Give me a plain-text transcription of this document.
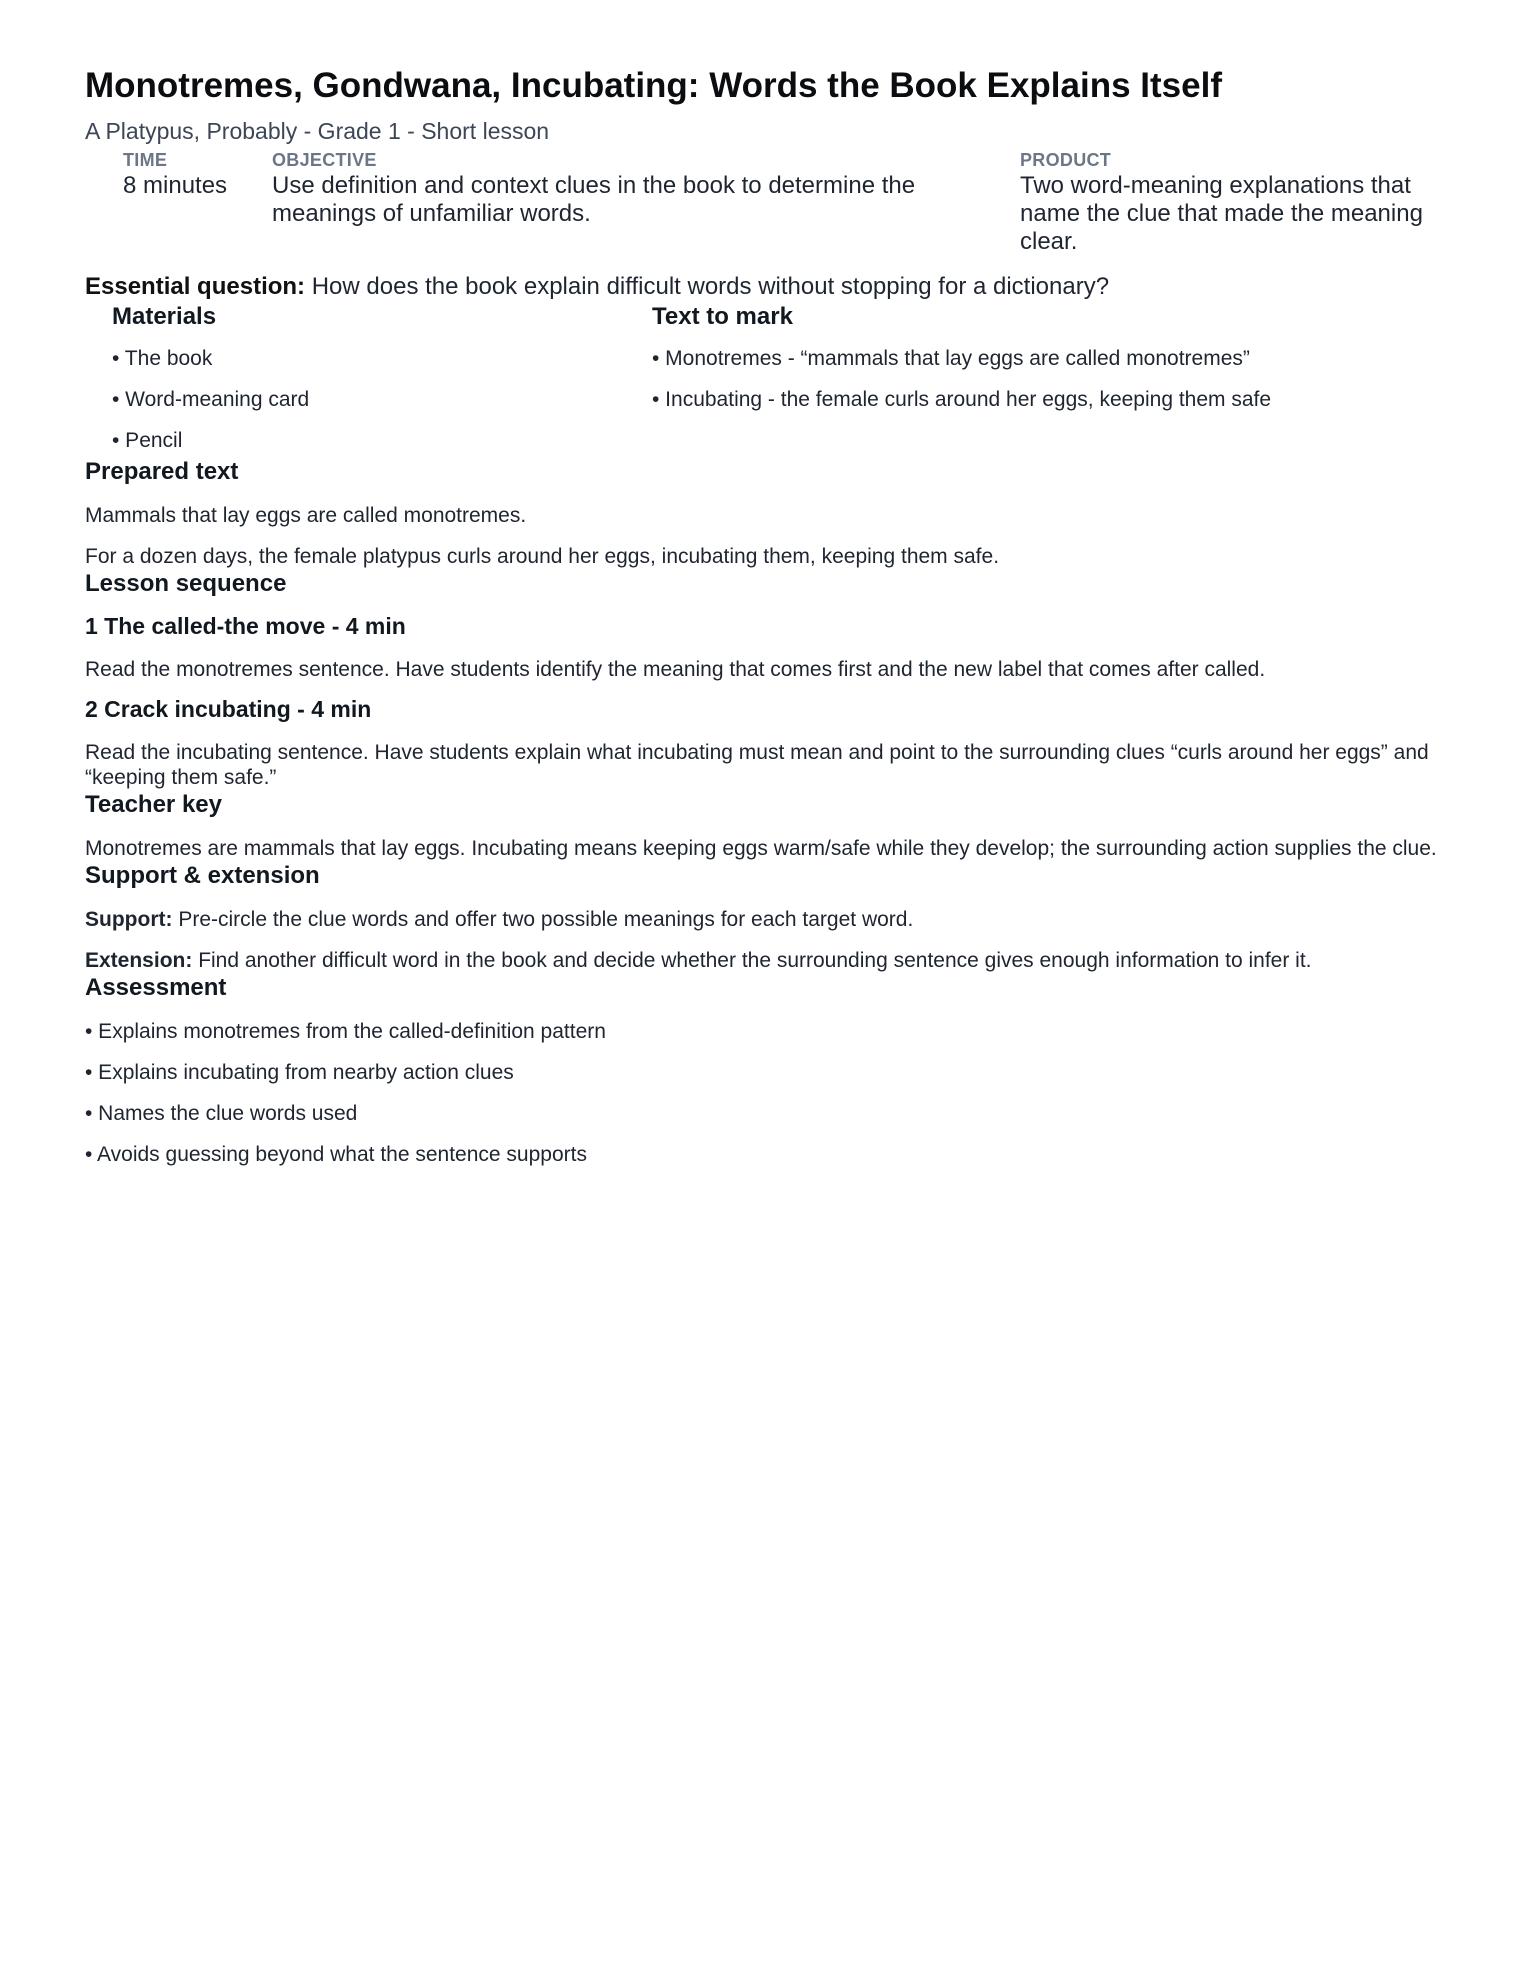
Monotremes, Gondwana, Incubating: Words the Book Explains Itself
A Platypus, Probably - Grade 1 - Short lesson
TIME
8 minutes
OBJECTIVE
Use definition and context clues in the book to determine the meanings of unfamiliar words.
PRODUCT
Two word-meaning explanations that name the clue that made the meaning clear.
Essential question: How does the book explain difficult words without stopping for a dictionary?
Materials
• The book
• Word-meaning card
• Pencil
Text to mark
• Monotremes - “mammals that lay eggs are called monotremes”
• Incubating - the female curls around her eggs, keeping them safe
Prepared text

Mammals that lay eggs are called monotremes.

For a dozen days, the female platypus curls around her eggs, incubating them, keeping them safe.

Lesson sequence
1 The called-the move - 4 min

Read the monotremes sentence. Have students identify the meaning that comes first and the new label that comes after called.

2 Crack incubating - 4 min

Read the incubating sentence. Have students explain what incubating must mean and point to the surrounding clues “curls around her eggs” and “keeping them safe.”

Teacher key

Monotremes are mammals that lay eggs. Incubating means keeping eggs warm/safe while they develop; the surrounding action supplies the clue.

Support & extension

Support: Pre-circle the clue words and offer two possible meanings for each target word.

Extension: Find another difficult word in the book and decide whether the surrounding sentence gives enough information to infer it.

Assessment

• Explains monotremes from the called-definition pattern

• Explains incubating from nearby action clues

• Names the clue words used

• Avoids guessing beyond what the sentence supports
